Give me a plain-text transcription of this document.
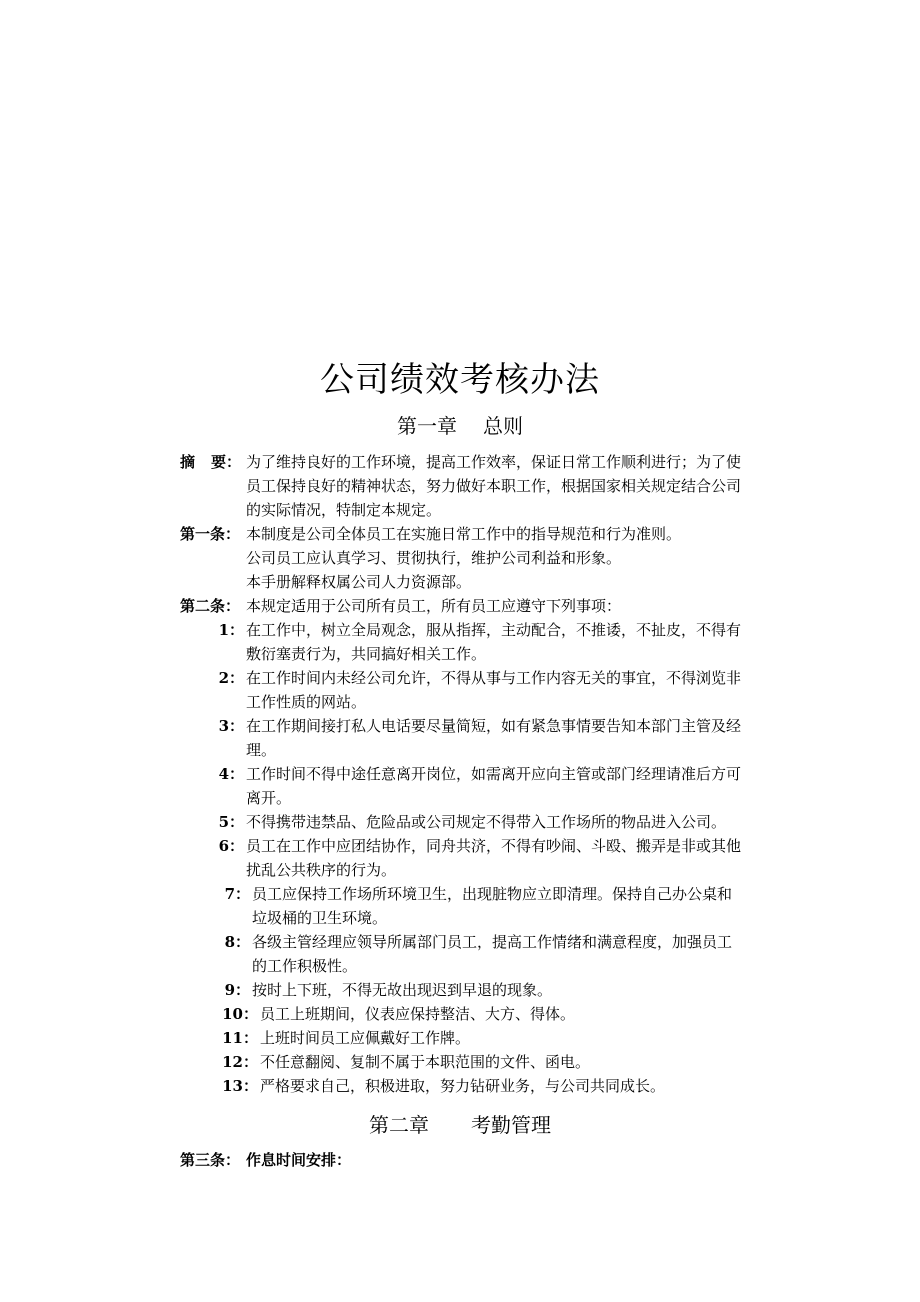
公司绩效考核办法
第一章 总则
摘 要： 为了维持良好的工作环境，提高工作效率，保证日常工作顺利进行；为了使
员工保持良好的精神状态，努力做好本职工作，根据国家相关规定结合公司
的实际情况，特制定本规定。
第一条： 本制度是公司全体员工在实施日常工作中的指导规范和行为准则。
公司员工应认真学习、贯彻执行，维护公司利益和形象。
本手册解释权属公司人力资源部。
第二条： 本规定适用于公司所有员工，所有员工应遵守下列事项：
1： 在工作中，树立全局观念，服从指挥，主动配合，不推诿，不扯皮，不得有
敷衍塞责行为，共同搞好相关工作。
2： 在工作时间内未经公司允许，不得从事与工作内容无关的事宜，不得浏览非
工作性质的网站。
3： 在工作期间接打私人电话要尽量简短，如有紧急事情要告知本部门主管及经
理。
4： 工作时间不得中途任意离开岗位，如需离开应向主管或部门经理请准后方可
离开。
5： 不得携带违禁品、危险品或公司规定不得带入工作场所的物品进入公司。
6： 员工在工作中应团结协作，同舟共济，不得有吵闹、斗殴、搬弄是非或其他
扰乱公共秩序的行为。
7： 员工应保持工作场所环境卫生，出现脏物应立即清理。保持自己办公桌和
垃圾桶的卫生环境。
8： 各级主管经理应领导所属部门员工，提高工作情绪和满意程度，加强员工
的工作积极性。
9： 按时上下班，不得无故出现迟到早退的现象。
10： 员工上班期间，仪表应保持整洁、大方、得体。
11： 上班时间员工应佩戴好工作牌。
12： 不任意翻阅、复制不属于本职范围的文件、函电。
13： 严格要求自己，积极进取，努力钻研业务，与公司共同成长。
第二章 考勤管理
第三条： 作息时间安排：
